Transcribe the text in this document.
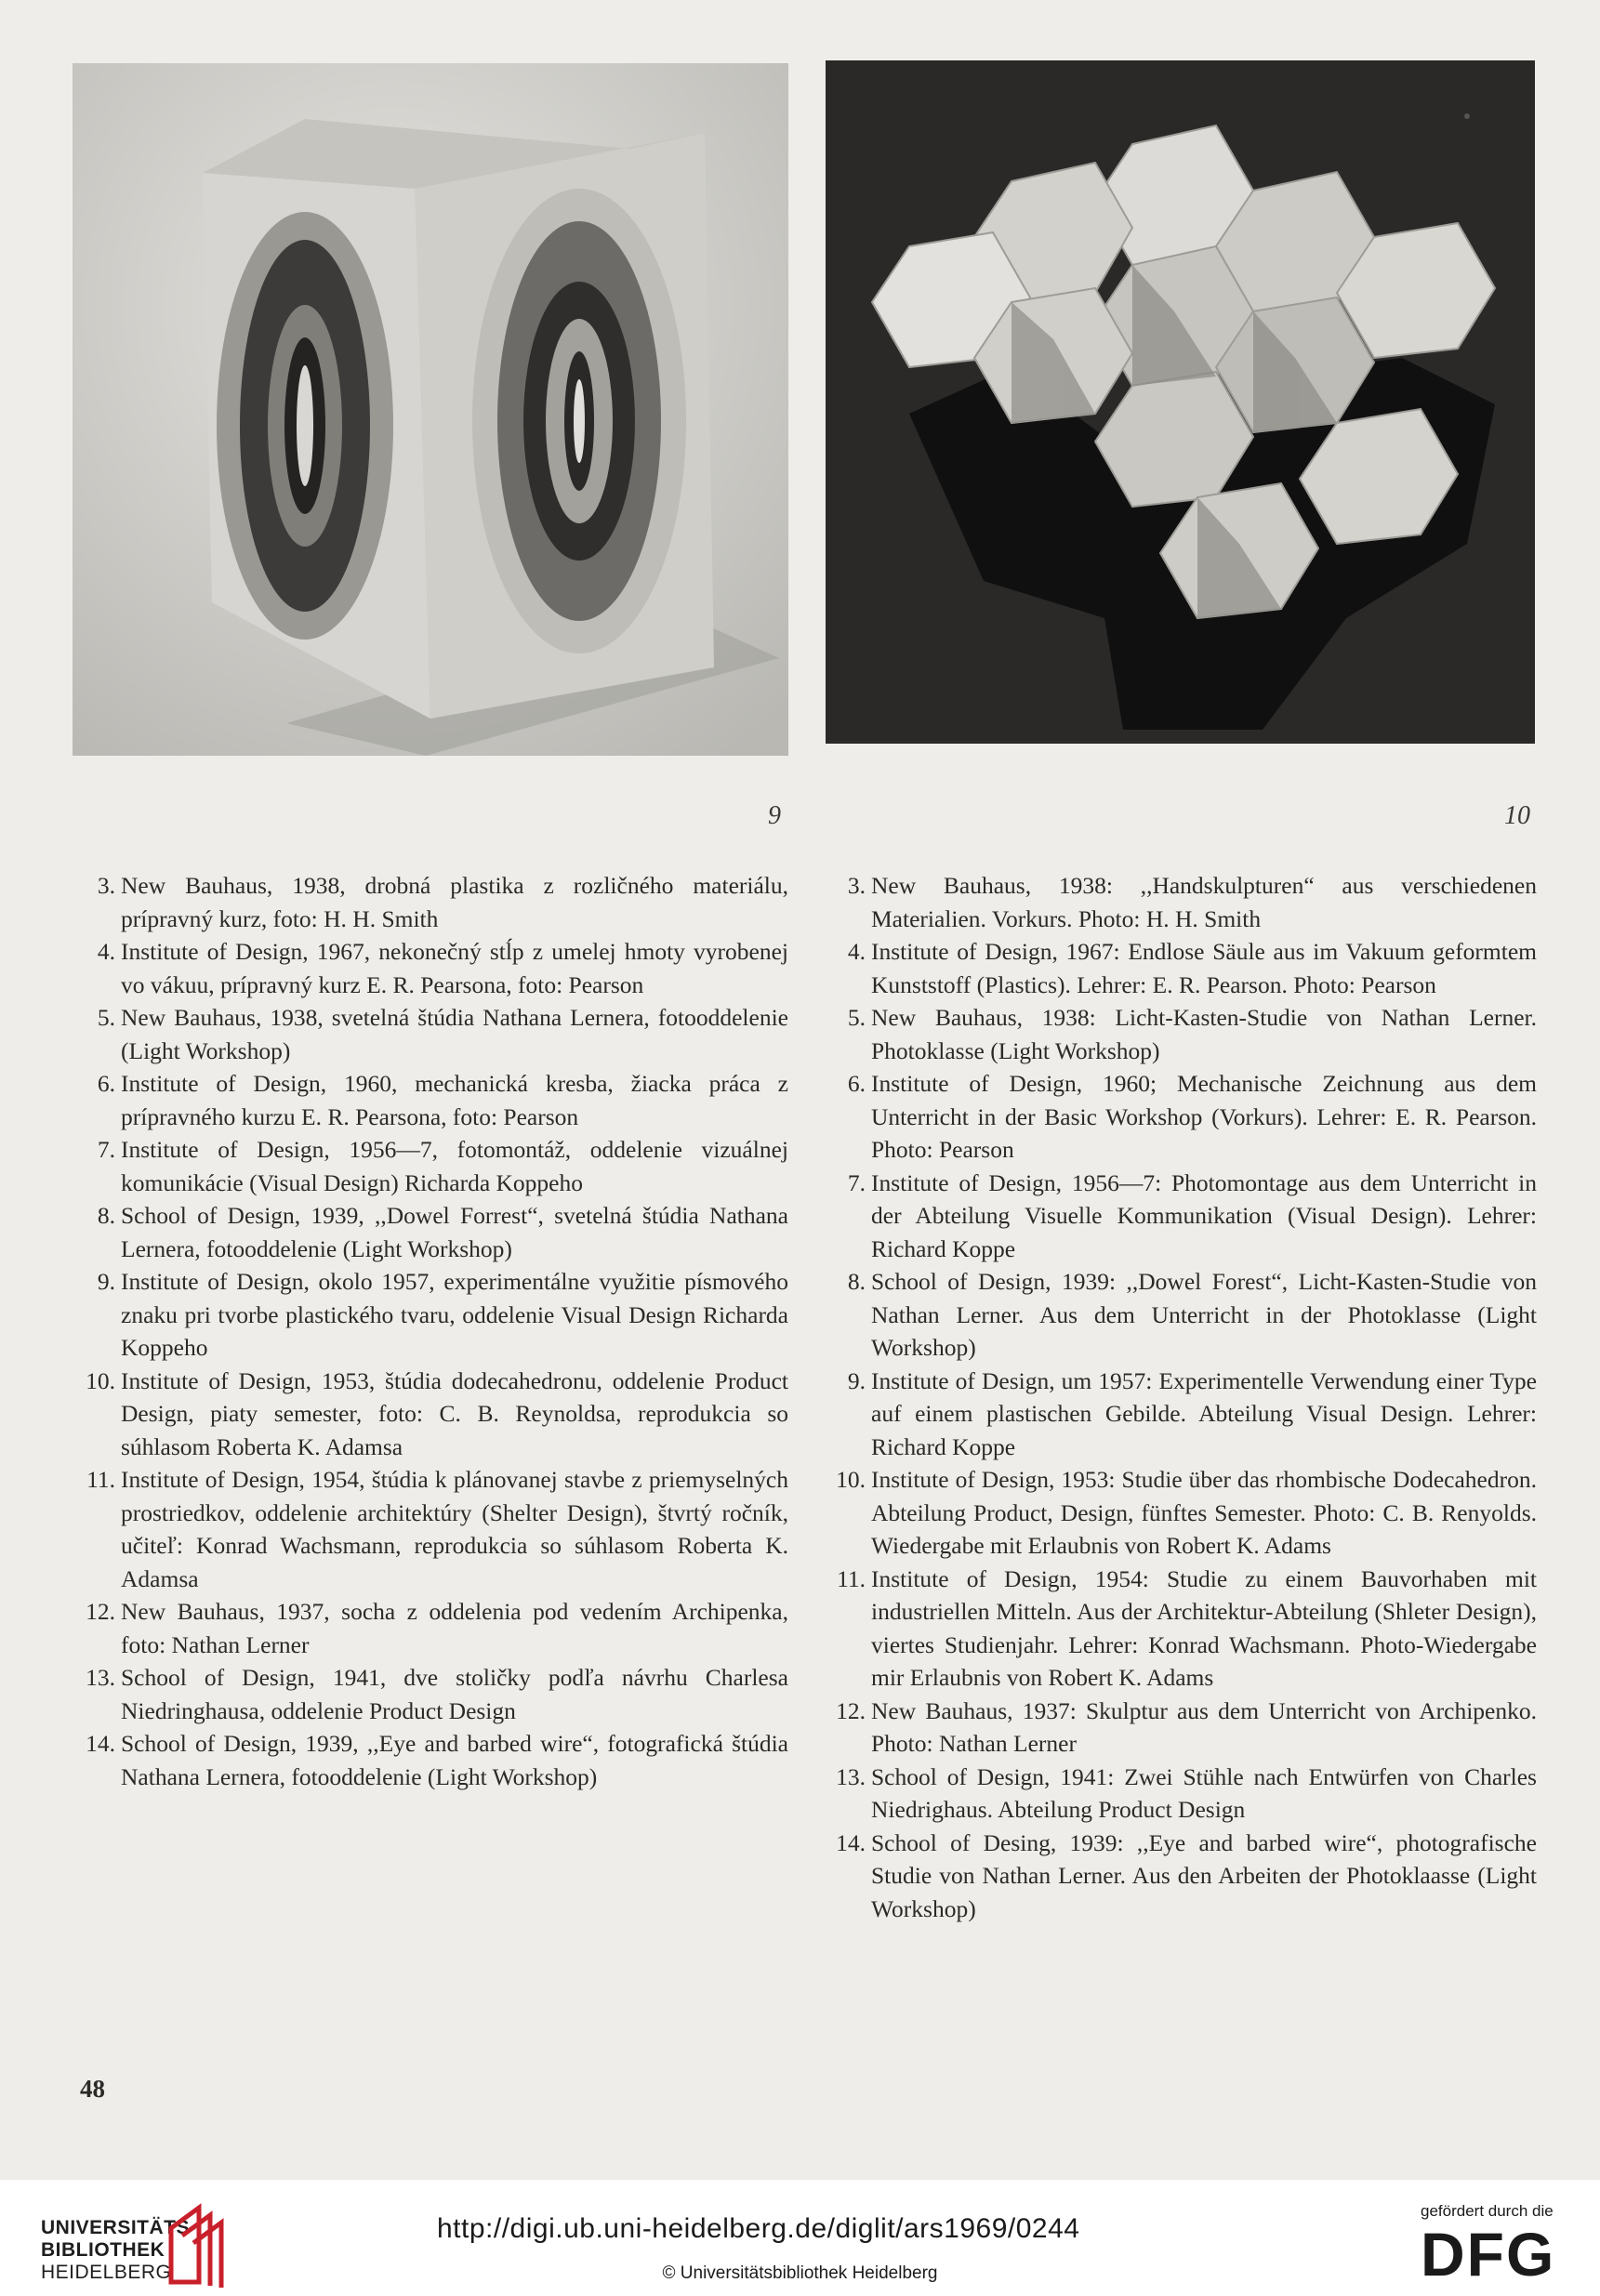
9	10
3. New Bauhaus, 1938, drobná plastika z rozličného materiálu, prípravný kurz, foto: H. H. Smith
4. Institute of Design, 1967, nekonečný stĺp z umelej hmoty vyrobenej vo vákuu, prípravný kurz E. R. Pearsona, foto: Pearson
5. New Bauhaus, 1938, svetelná štúdia Nathana Lernera, fotooddelenie (Light Workshop)
6. Institute of Design, 1960, mechanická kresba, žiacka práca z prípravného kurzu E. R. Pearsona, foto: Pearson
7. Institute of Design, 1956—7, fotomontáž, oddelenie vizuálnej komunikácie (Visual Design) Richarda Koppeho
8. School of Design, 1939, ,,Dowel Forrest“, svetelná štúdia Nathana Lernera, fotooddelenie (Light Workshop)
9. Institute of Design, okolo 1957, experimentálne využitie písmového znaku pri tvorbe plastického tvaru, oddelenie Visual Design Richarda Koppeho
10. Institute of Design, 1953, štúdia dodecahedronu, oddelenie Product Design, piaty semester, foto: C. B. Reynoldsa, reprodukcia so súhlasom Roberta K. Adamsa
11. Institute of Design, 1954, štúdia k plánovanej stavbe z priemyselných prostriedkov, oddelenie architektúry (Shelter Design), štvrtý ročník, učiteľ: Konrad Wachsmann, reprodukcia so súhlasom Roberta K. Adamsa
12. New Bauhaus, 1937, socha z oddelenia pod vedením Archipenka, foto: Nathan Lerner
13. School of Design, 1941, dve stoličky podľa návrhu Charlesa Niedringhausa, oddelenie Product Design
14. School of Design, 1939, ,,Eye and barbed wire“, fotografická štúdia Nathana Lernera, fotooddelenie (Light Workshop)
3. New Bauhaus, 1938: ,,Handskulpturen“ aus verschiedenen Materialien. Vorkurs. Photo: H. H. Smith
4. Institute of Design, 1967: Endlose Säule aus im Vakuum geformtem Kunststoff (Plastics). Lehrer: E. R. Pearson. Photo: Pearson
5. New Bauhaus, 1938: Licht-Kasten-Studie von Nathan Lerner. Photoklasse (Light Workshop)
6. Institute of Design, 1960; Mechanische Zeichnung aus dem Unterricht in der Basic Workshop (Vorkurs). Lehrer: E. R. Pearson. Photo: Pearson
7. Institute of Design, 1956—7: Photomontage aus dem Unterricht in der Abteilung Visuelle Kommunikation (Visual Design). Lehrer: Richard Koppe
8. School of Design, 1939: ,,Dowel Forest“, Licht-Kasten-Studie von Nathan Lerner. Aus dem Unterricht in der Photoklasse (Light Workshop)
9. Institute of Design, um 1957: Experimentelle Verwendung einer Type auf einem plastischen Gebilde. Abteilung Visual Design. Lehrer: Richard Koppe
10. Institute of Design, 1953: Studie über das rhombische Dodecahedron. Abteilung Product, Design, fünftes Semester. Photo: C. B. Renyolds. Wiedergabe mit Erlaubnis von Robert K. Adams
11. Institute of Design, 1954: Studie zu einem Bauvorhaben mit industriellen Mitteln. Aus der Architektur-Abteilung (Shleter Design), viertes Studienjahr. Lehrer: Konrad Wachsmann. Photo-Wiedergabe mir Erlaubnis von Robert K. Adams
12. New Bauhaus, 1937: Skulptur aus dem Unterricht von Archipenko. Photo: Nathan Lerner
13. School of Design, 1941: Zwei Stühle nach Entwürfen von Charles Niedrighaus. Abteilung Product Design
14. School of Desing, 1939: ,,Eye and barbed wire“, photografische Studie von Nathan Lerner. Aus den Arbeiten der Photoklaasse (Light Workshop)
48
UNIVERSITÄTS-
BIBLIOTHEK
HEIDELBERG
http://digi.ub.uni-heidelberg.de/diglit/ars1969/0244
© Universitätsbibliothek Heidelberg
gefördert durch die
DFG
